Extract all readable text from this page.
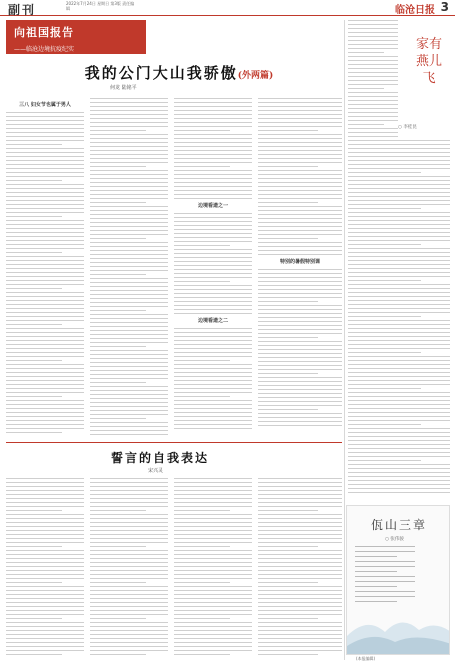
副刊	2022年7月24日 星期日 第3版 责任编辑	临沧日报 3
向祖国报告
——临沧边境抗疫纪实
我的公门大山我骄傲(外两篇)
何龙 陆铭平
三八 妇女节也属于男人
边境看遗之一
边境看遗之二
特别的暑假特别课
誓言的自我表达
宋兴灵
家有燕儿飞
○ 李桂昆
佤山三章
○ 张伟骏
(本报编辑)
